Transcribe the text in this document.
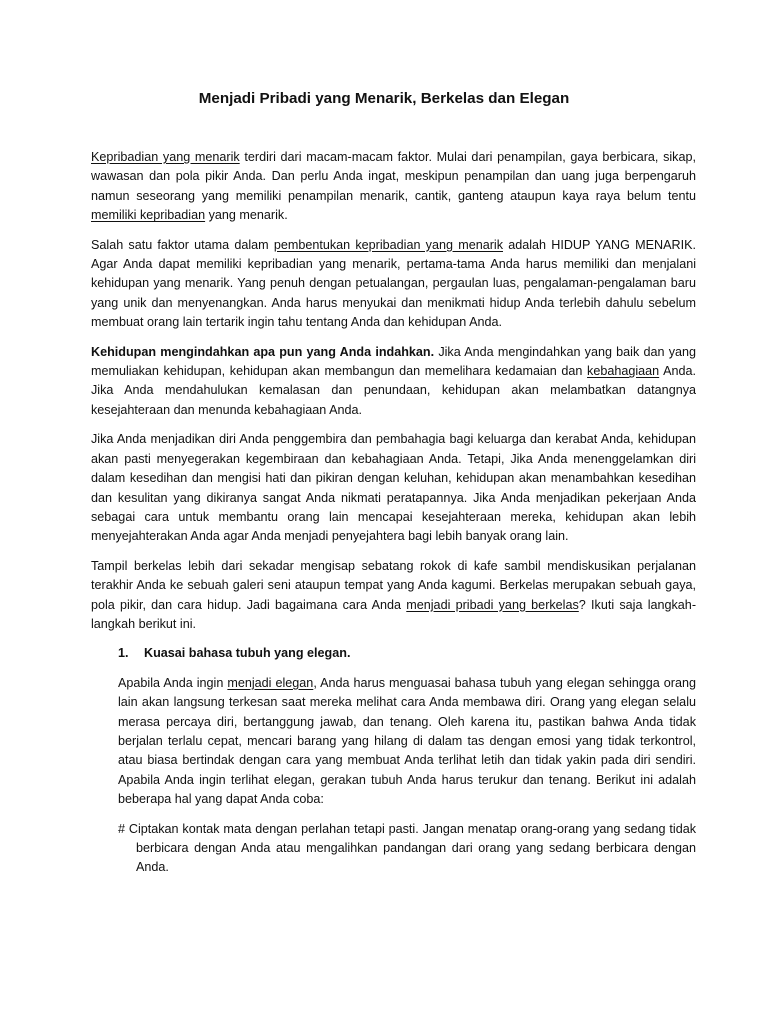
Menjadi Pribadi yang Menarik, Berkelas dan Elegan

Kepribadian yang menarik terdiri dari macam-macam faktor. Mulai dari penampilan, gaya berbicara, sikap, wawasan dan pola pikir Anda. Dan perlu Anda ingat, meskipun penampilan dan uang juga berpengaruh namun seseorang yang memiliki penampilan menarik, cantik, ganteng ataupun kaya raya belum tentu memiliki kepribadian yang menarik.

Salah satu faktor utama dalam pembentukan kepribadian yang menarik adalah HIDUP YANG MENARIK. Agar Anda dapat memiliki kepribadian yang menarik, pertama-tama Anda harus memiliki dan menjalani kehidupan yang menarik. Yang penuh dengan petualangan, pergaulan luas, pengalaman-pengalaman baru yang unik dan menyenangkan. Anda harus menyukai dan menikmati hidup Anda terlebih dahulu sebelum membuat orang lain tertarik ingin tahu tentang Anda dan kehidupan Anda.

Kehidupan mengindahkan apa pun yang Anda indahkan. Jika Anda mengindahkan yang baik dan yang memuliakan kehidupan, kehidupan akan membangun dan memelihara kedamaian dan kebahagiaan Anda. Jika Anda mendahulukan kemalasan dan penundaan, kehidupan akan melambatkan datangnya kesejahteraan dan menunda kebahagiaan Anda.

Jika Anda menjadikan diri Anda penggembira dan pembahagia bagi keluarga dan kerabat Anda, kehidupan akan pasti menyegerakan kegembiraan dan kebahagiaan Anda. Tetapi, Jika Anda menenggelamkan diri dalam kesedihan dan mengisi hati dan pikiran dengan keluhan, kehidupan akan menambahkan kesedihan dan kesulitan yang dikiranya sangat Anda nikmati peratapannya. Jika Anda menjadikan pekerjaan Anda sebagai cara untuk membantu orang lain mencapai kesejahteraan mereka, kehidupan akan lebih menyejahterakan Anda agar Anda menjadi penyejahtera bagi lebih banyak orang lain.

Tampil berkelas lebih dari sekadar mengisap sebatang rokok di kafe sambil mendiskusikan perjalanan terakhir Anda ke sebuah galeri seni ataupun tempat yang Anda kagumi. Berkelas merupakan sebuah gaya, pola pikir, dan cara hidup. Jadi bagaimana cara Anda menjadi pribadi yang berkelas? Ikuti saja langkah-langkah berikut ini.

1.	Kuasai bahasa tubuh yang elegan.

Apabila Anda ingin menjadi elegan, Anda harus menguasai bahasa tubuh yang elegan sehingga orang lain akan langsung terkesan saat mereka melihat cara Anda membawa diri. Orang yang elegan selalu merasa percaya diri, bertanggung jawab, dan tenang. Oleh karena itu, pastikan bahwa Anda tidak berjalan terlalu cepat, mencari barang yang hilang di dalam tas dengan emosi yang tidak terkontrol, atau biasa bertindak dengan cara yang membuat Anda terlihat letih dan tidak yakin pada diri sendiri. Apabila Anda ingin terlihat elegan, gerakan tubuh Anda harus terukur dan tenang. Berikut ini adalah beberapa hal yang dapat Anda coba:

# Ciptakan kontak mata dengan perlahan tetapi pasti. Jangan menatap orang-orang yang sedang tidak berbicara dengan Anda atau mengalihkan pandangan dari orang yang sedang berbicara dengan Anda.
